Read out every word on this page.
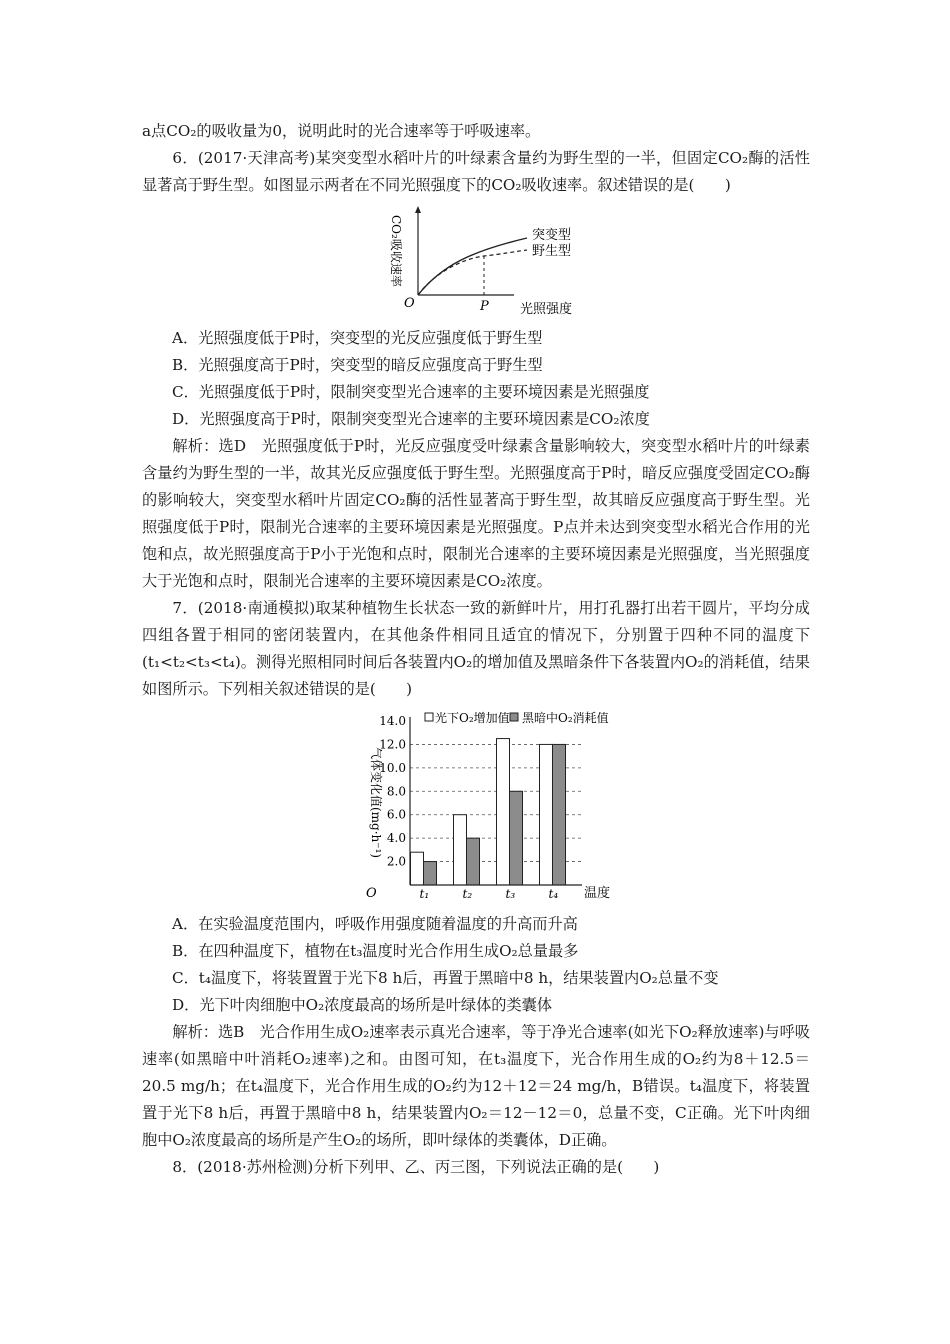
a点CO₂的吸收量为0，说明此时的光合速率等于呼吸速率。

6．(2017·天津高考)某突变型水稻叶片的叶绿素含量约为野生型的一半，但固定CO₂酶的活性显著高于野生型。如图显示两者在不同光照强度下的CO₂吸收速率。叙述错误的是(　　)

O	P 光照强度
突变型
野生型
CO₂吸收速率

A．光照强度低于P时，突变型的光反应强度低于野生型

B．光照强度高于P时，突变型的暗反应强度高于野生型

C．光照强度低于P时，限制突变型光合速率的主要环境因素是光照强度

D．光照强度高于P时，限制突变型光合速率的主要环境因素是CO₂浓度

解析：选D　光照强度低于P时，光反应强度受叶绿素含量影响较大，突变型水稻叶片的叶绿素含量约为野生型的一半，故其光反应强度低于野生型。光照强度高于P时，暗反应强度受固定CO₂酶的影响较大，突变型水稻叶片固定CO₂酶的活性显著高于野生型，故其暗反应强度高于野生型。光照强度低于P时，限制光合速率的主要环境因素是光照强度。P点并未达到突变型水稻光合作用的光饱和点，故光照强度高于P小于光饱和点时，限制光合速率的主要环境因素是光照强度，当光照强度大于光饱和点时，限制光合速率的主要环境因素是CO₂浓度。

7．(2018·南通模拟)取某种植物生长状态一致的新鲜叶片，用打孔器打出若干圆片，平均分成四组各置于相同的密闭装置内，在其他条件相同且适宜的情况下，分别置于四种不同的温度下(t₁<t₂<t₃<t₄)。测得光照相同时间后各装置内O₂的增加值及黑暗条件下各装置内O₂的消耗值，结果如图所示。下列相关叙述错误的是(　　)

2.0
4.0
6.0
8.0
10.0
12.0
14.0
t₁	t₂	t₃	t₄
光下O₂增加值 黑暗中O₂消耗值
O	温度
气体变化值(mg·h⁻¹)

A．在实验温度范围内，呼吸作用强度随着温度的升高而升高

B．在四种温度下，植物在t₃温度时光合作用生成O₂总量最多

C．t₄温度下，将装置置于光下8 h后，再置于黑暗中8 h，结果装置内O₂总量不变

D．光下叶肉细胞中O₂浓度最高的场所是叶绿体的类囊体

解析：选B　光合作用生成O₂速率表示真光合速率，等于净光合速率(如光下O₂释放速率)与呼吸速率(如黑暗中叶消耗O₂速率)之和。由图可知，在t₃温度下，光合作用生成的O₂约为8＋12.5＝20.5 mg/h；在t₄温度下，光合作用生成的O₂约为12＋12＝24 mg/h，B错误。t₄温度下，将装置置于光下8 h后，再置于黑暗中8 h，结果装置内O₂＝12－12＝0，总量不变，C正确。光下叶肉细胞中O₂浓度最高的场所是产生O₂的场所，即叶绿体的类囊体，D正确。

8．(2018·苏州检测)分析下列甲、乙、丙三图，下列说法正确的是(　　)
